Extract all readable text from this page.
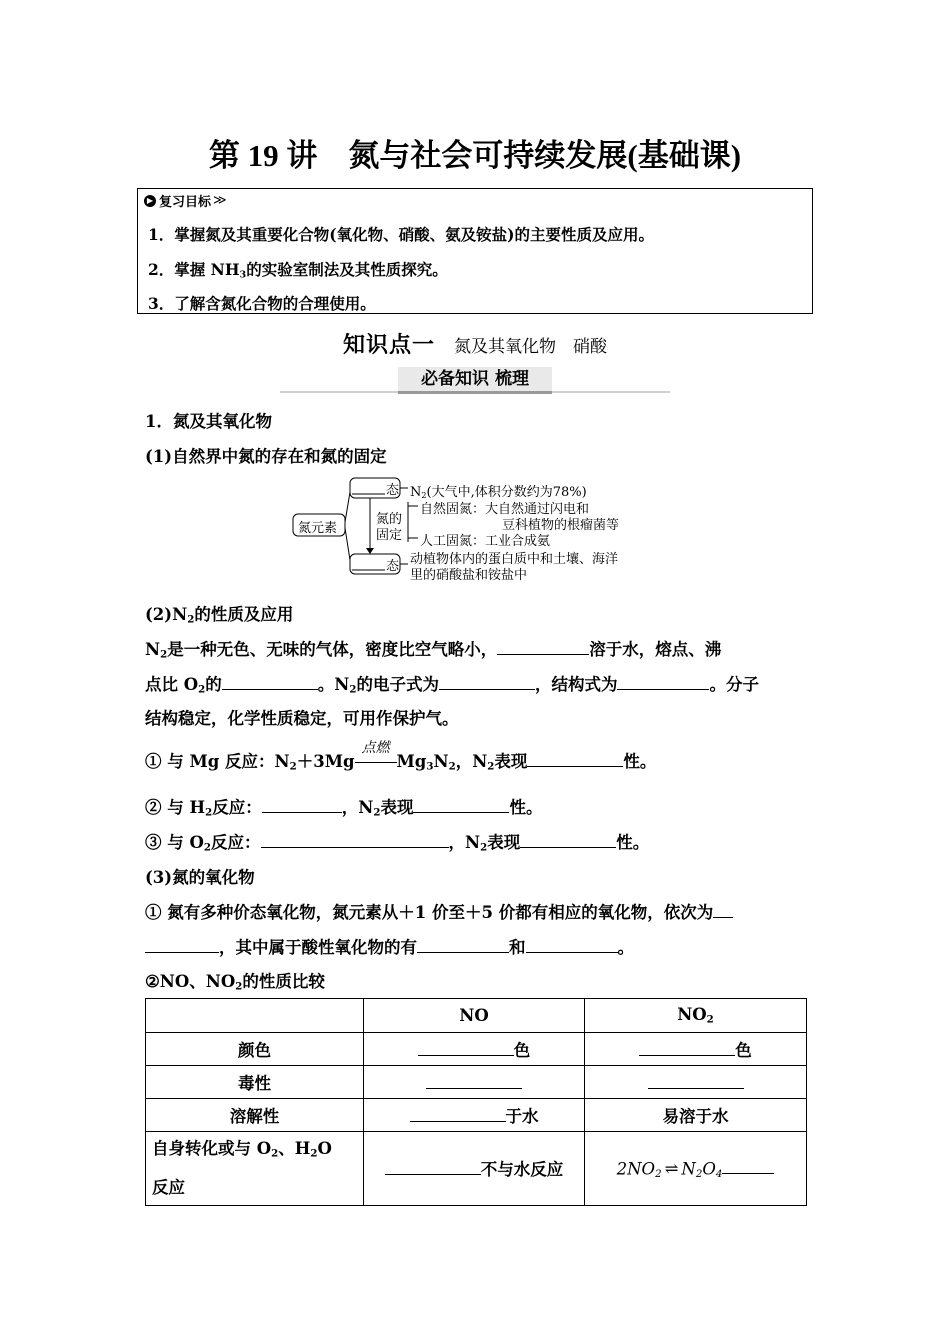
第 19 讲　氮与社会可持续发展(基础课)
▶ 复习目标 ≫
1．掌握氮及其重要化合物(氧化物、硝酸、氨及铵盐)的主要性质及应用。
2．掌握 $NH_3$的实验室制法及其性质探究。
3．了解含氮化合物的合理使用。
知识点一 氮及其氧化物　硝酸
必备知识 梳理
1．氮及其氧化物
(1)自然界中氮的存在和氮的固定
氮元素
态
态
氮的
固定
$N_2$(大气中,体积分数约为78%)
自然固氮：大自然通过闪电和
豆科植物的根瘤菌等
人工固氮：工业合成氨
动植物体内的蛋白质中和土壤、海洋
里的硝酸盐和铵盐中
$(2)N_2$的性质及应用
$N_2$是一种无色、无味的气体，密度比空气略小，	溶于水，熔点、沸
点比 $O_2$的	。$N_2$的电子式为	，结构式为	。分子
结构稳定，化学性质稳定，可用作保护气。
① 与 Mg 反应：$N_2+3Mg$
点燃
$Mg_3N_2$，$N_2$表现	性。
② 与 $H_2$反应：	，$N_2$表现	性。
③ 与 $O_2$反应：	，$N_2$表现	性。
(3)氮的氧化物
① 氮有多种价态氧化物，氮元素从＋1 价至＋5 价都有相应的氧化物，依次为
，其中属于酸性氧化物的有	和	。
②NO、$NO_2$的性质比较
	NO	$NO_2$
颜色	色	色
毒性		
溶解性	于水	易溶于水
自身转化或与 $O_2$、$H_2O$
反应	不与水反应	$2NO_2$ ⇌ $N_2O_4$
